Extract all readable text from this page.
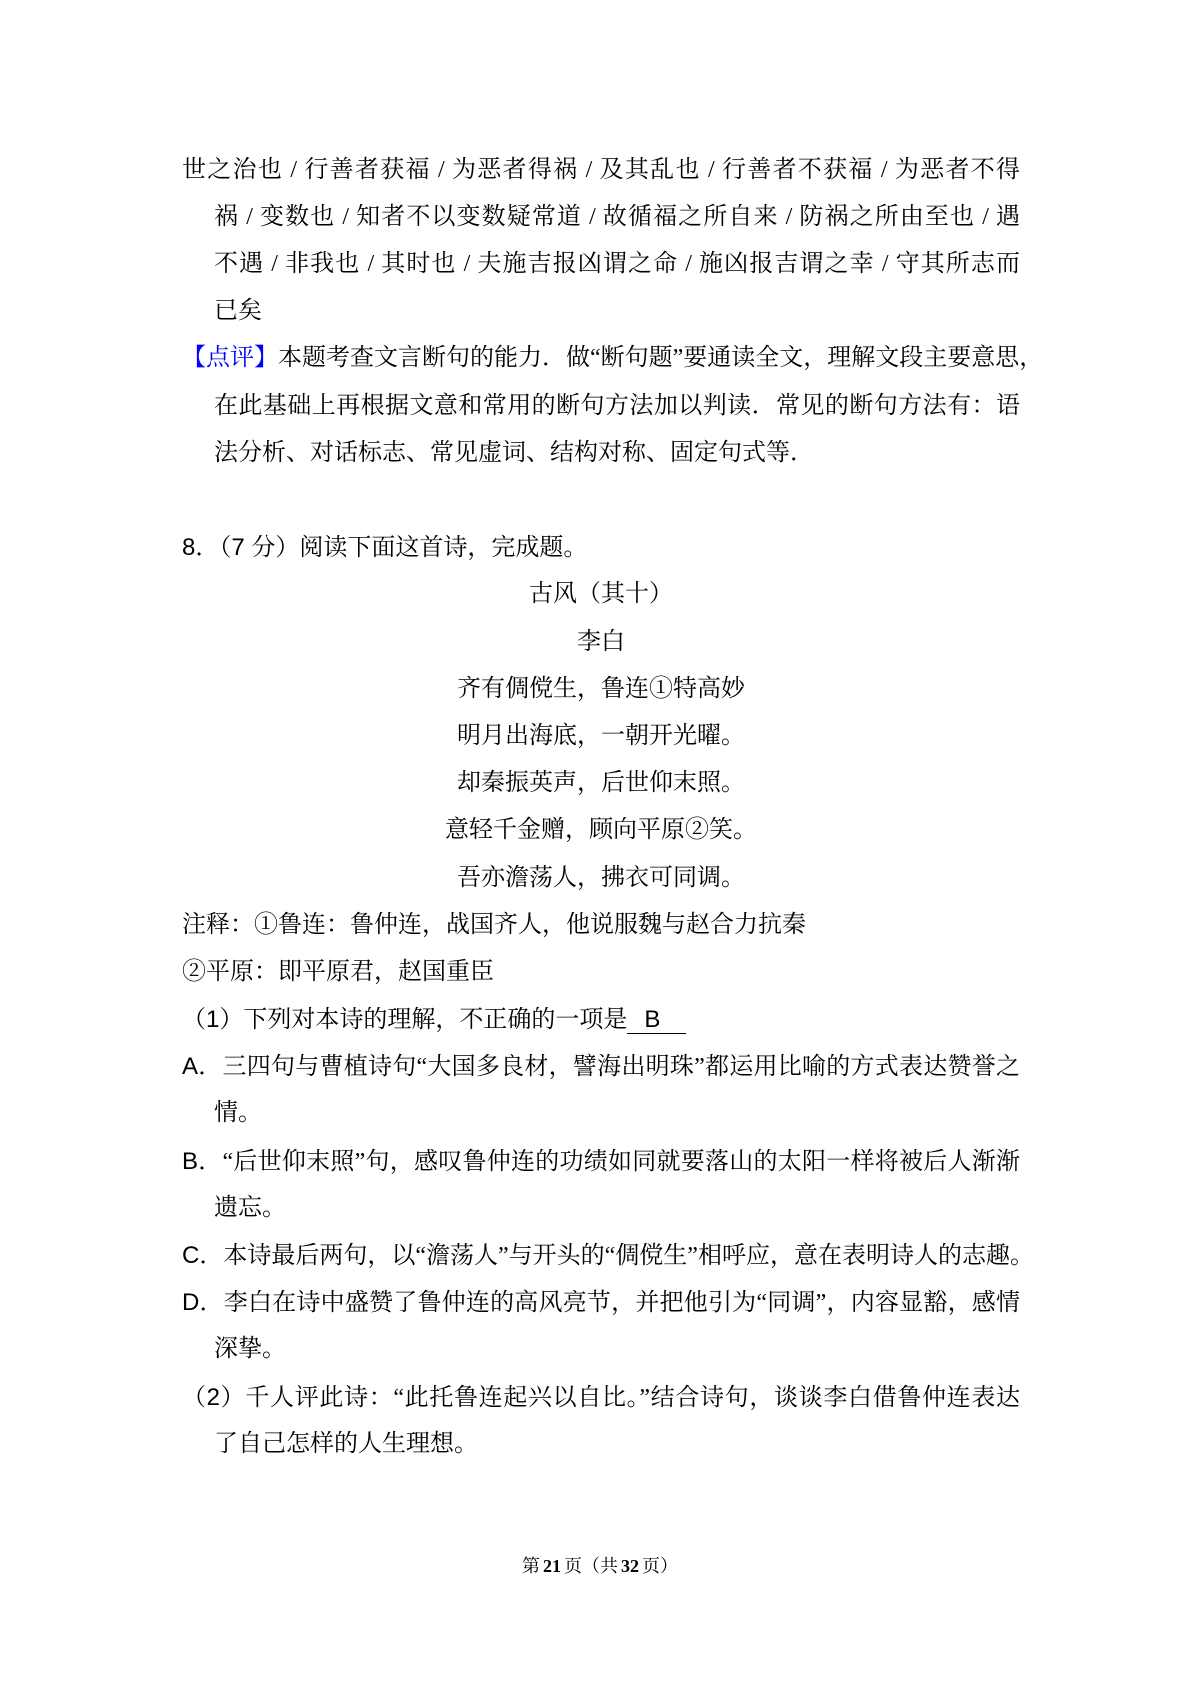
世之治也 / 行善者获福 / 为恶者得祸 / 及其乱也 / 行善者不获福 / 为恶者不得
祸 / 变数也 / 知者不以变数疑常道 / 故循福之所自来 / 防祸之所由至也 / 遇
不遇 / 非我也 / 其时也 / 夫施吉报凶谓之命 / 施凶报吉谓之幸 / 守其所志而
已矣
【点评】本题考查文言断句的能力．做“断句题”要通读全文，理解文段主要意思，
在此基础上再根据文意和常用的断句方法加以判读．常见的断句方法有：语
法分析、对话标志、常见虚词、结构对称、固定句式等．
8．（7 分）阅读下面这首诗，完成题。
古风（其十）
李白
齐有倜傥生，鲁连①特高妙
明月出海底，一朝开光曜。
却秦振英声，后世仰末照。
意轻千金赠，顾向平原②笑。
吾亦澹荡人，拂衣可同调。
注释：①鲁连：鲁仲连，战国齐人，他说服魏与赵合力抗秦
②平原：即平原君，赵国重臣
（1）下列对本诗的理解，不正确的一项是 B
A．三四句与曹植诗句“大国多良材，譬海出明珠”都运用比喻的方式表达赞誉之
情。
B．“后世仰末照”句，感叹鲁仲连的功绩如同就要落山的太阳一样将被后人渐渐
遗忘。
C．本诗最后两句，以“澹荡人”与开头的“倜傥生”相呼应，意在表明诗人的志趣。
D．李白在诗中盛赞了鲁仲连的高风亮节，并把他引为“同调”，内容显豁，感情
深挚。
（2）千人评此诗：“此托鲁连起兴以自比。”结合诗句，谈谈李白借鲁仲连表达
了自己怎样的人生理想。
第 21 页（共 32 页）
